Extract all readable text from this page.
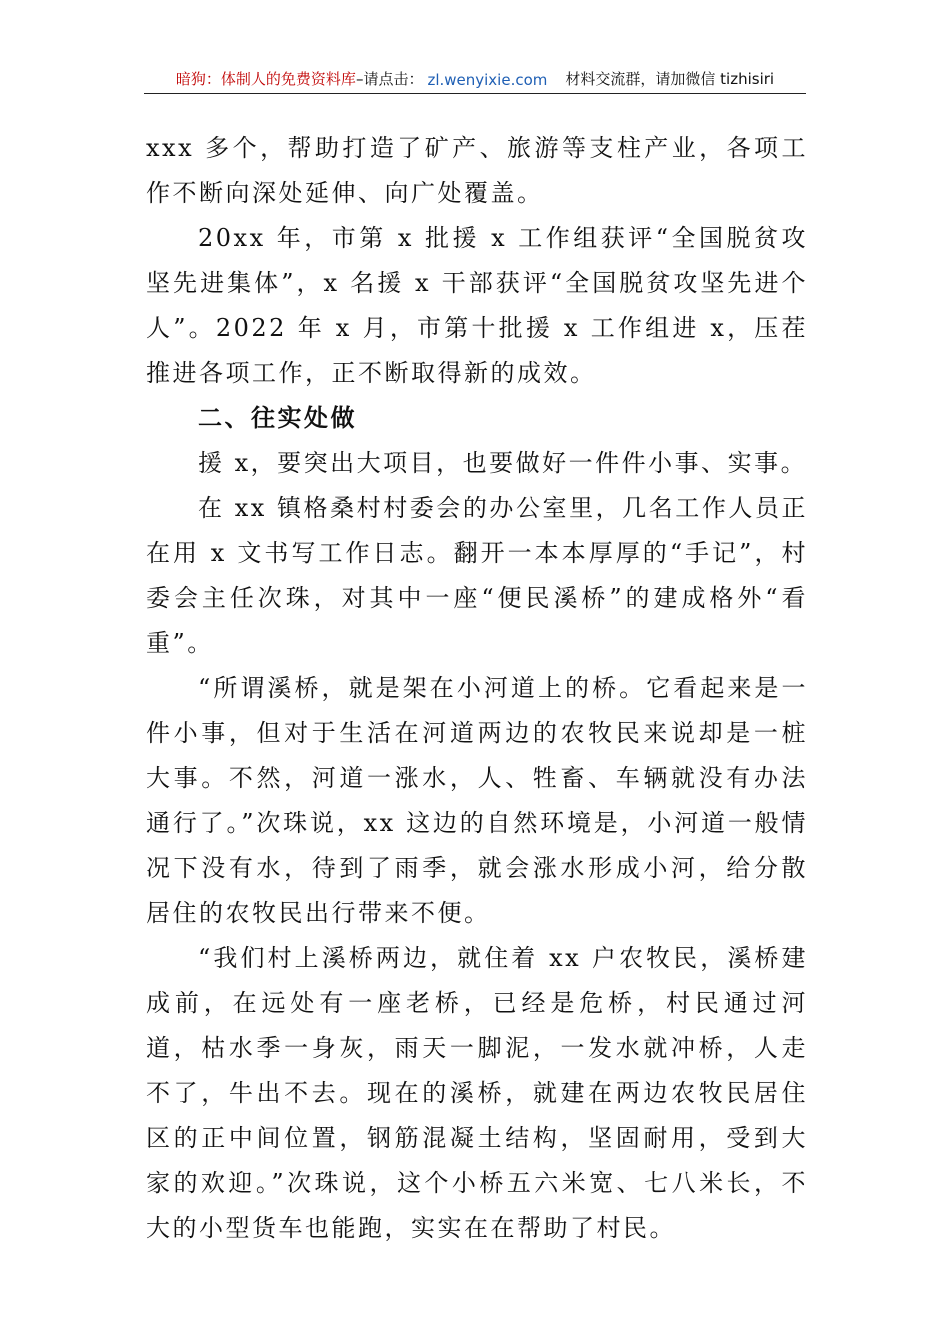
暗狗：体制人的免费资料库 –请点击： zl.wenyixie.com 材料交流群，请加微信 tizhisiri

xxx 多个，帮助打造了矿产、旅游等支柱产业，各项工作不断向深处延伸、向广处覆盖。

20xx 年，市第 x 批援 x 工作组获评“全国脱贫攻坚先进集体”，x 名援 x 干部获评“全国脱贫攻坚先进个人”。2022 年 x 月，市第十批援 x 工作组进 x，压茬推进各项工作，正不断取得新的成效。

二、往实处做

援 x，要突出大项目，也要做好一件件小事、实事。

在 xx 镇格桑村村委会的办公室里，几名工作人员正在用 x 文书写工作日志。翻开一本本厚厚的“手记”，村委会主任次珠，对其中一座“便民溪桥”的建成格外“看重”。

“所谓溪桥，就是架在小河道上的桥。它看起来是一件小事，但对于生活在河道两边的农牧民来说却是一桩大事。不然，河道一涨水，人、牲畜、车辆就没有办法通行了。”次珠说，xx 这边的自然环境是，小河道一般情况下没有水，待到了雨季，就会涨水形成小河，给分散居住的农牧民出行带来不便。

“我们村上溪桥两边，就住着 xx 户农牧民，溪桥建成前，在远处有一座老桥，已经是危桥，村民通过河道，枯水季一身灰，雨天一脚泥，一发水就冲桥，人走不了，牛出不去。现在的溪桥，就建在两边农牧民居住区的正中间位置，钢筋混凝土结构，坚固耐用，受到大家的欢迎。”次珠说，这个小桥五六米宽、七八米长，不大的小型货车也能跑，实实在在帮助了村民。
